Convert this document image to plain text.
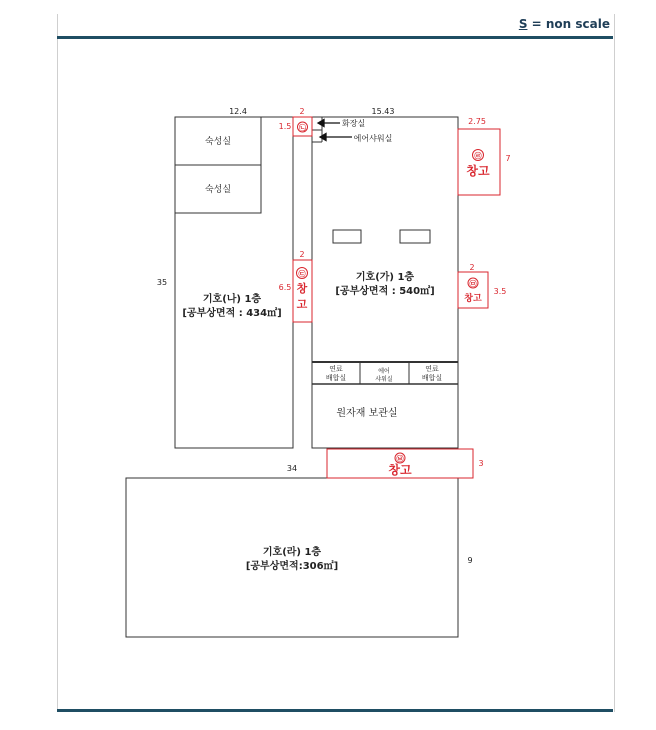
S = non scale
12.4	15.43
35
34
9
2
1.5
2
6.5
2.75
7
2
3.5
3
숙성실
숙성실
원자재 보관실
화장실
에어샤워실
연료
배합실
에어
샤워실
연료
배합실
기호(가) 1층
[공부상면적 : 540㎡]
기호(나) 1층
[공부상면적 : 434㎡]
기호(라) 1층
[공부상면적:306㎡]
㉡
㉢
창
고
㉣
창고
㉤
창고
㉥
창고
